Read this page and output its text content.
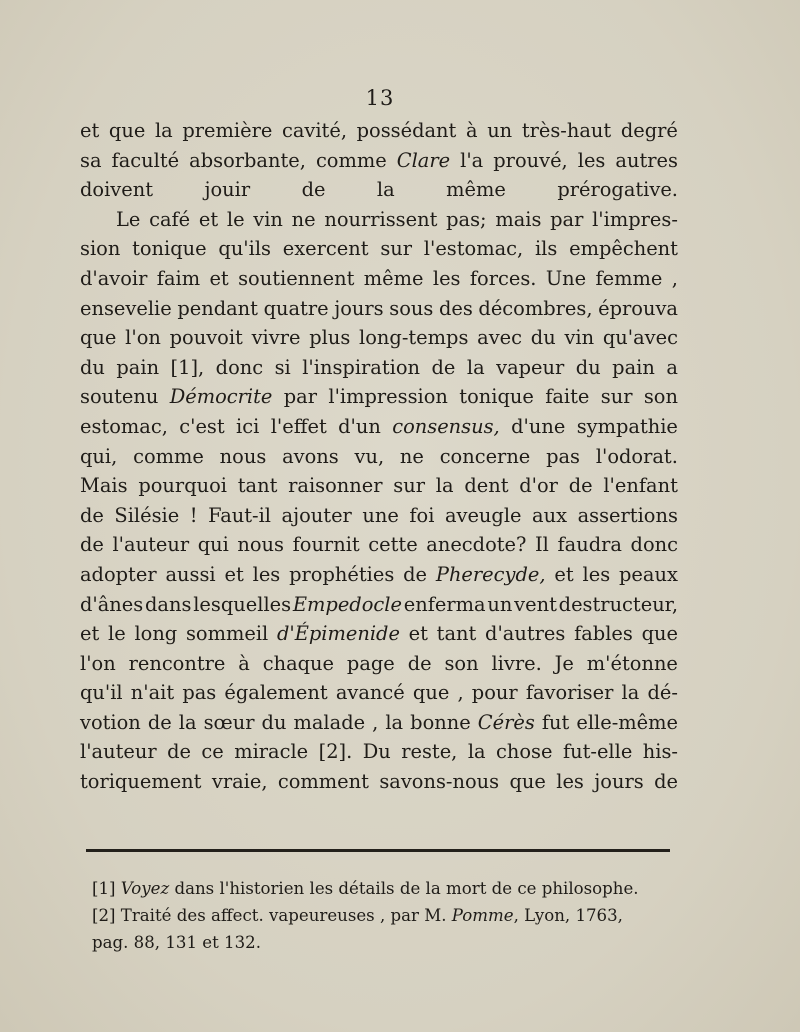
13
et que la première cavité, possédant à un très-haut degré
sa faculté absorbante, comme Clare l'a prouvé, les autres
doivent	jouir	de	la	même	prérogative.
Le café et le vin ne nourrissent pas; mais par l'impres-
sion tonique qu'ils exercent sur l'estomac, ils empêchent
d'avoir faim et soutiennent même les forces. Une femme ,
ensevelie pendant quatre jours sous des décombres, éprouva
que l'on pouvoit vivre plus long-temps avec du vin qu'avec
du pain [1], donc si l'inspiration de la vapeur du pain a
soutenu Démocrite par l'impression tonique faite sur son
estomac, c'est ici l'effet d'un consensus, d'une sympathie
qui, comme nous avons vu, ne concerne pas l'odorat.
Mais pourquoi tant raisonner sur la dent d'or de l'enfant
de Silésie ! Faut-il ajouter une foi aveugle aux assertions
de l'auteur qui nous fournit cette anecdote? Il faudra donc
adopter aussi et les prophéties de Pherecyde, et les peaux
d'ânes dans lesquelles Empedocle enferma un vent destructeur,
et le long sommeil d'Épimenide et tant d'autres fables que
l'on rencontre à chaque page de son livre. Je m'étonne
qu'il n'ait pas également avancé que , pour favoriser la dé-
votion de la sœur du malade , la bonne Cérès fut elle-même
l'auteur de ce miracle [2]. Du reste, la chose fut-elle his-
toriquement vraie, comment savons-nous que les jours de
[1] Voyez dans l'historien les détails de la mort de ce philosophe.
[2] Traité des affect. vapeureuses , par M. Pomme, Lyon, 1763,
pag. 88, 131 et 132.
